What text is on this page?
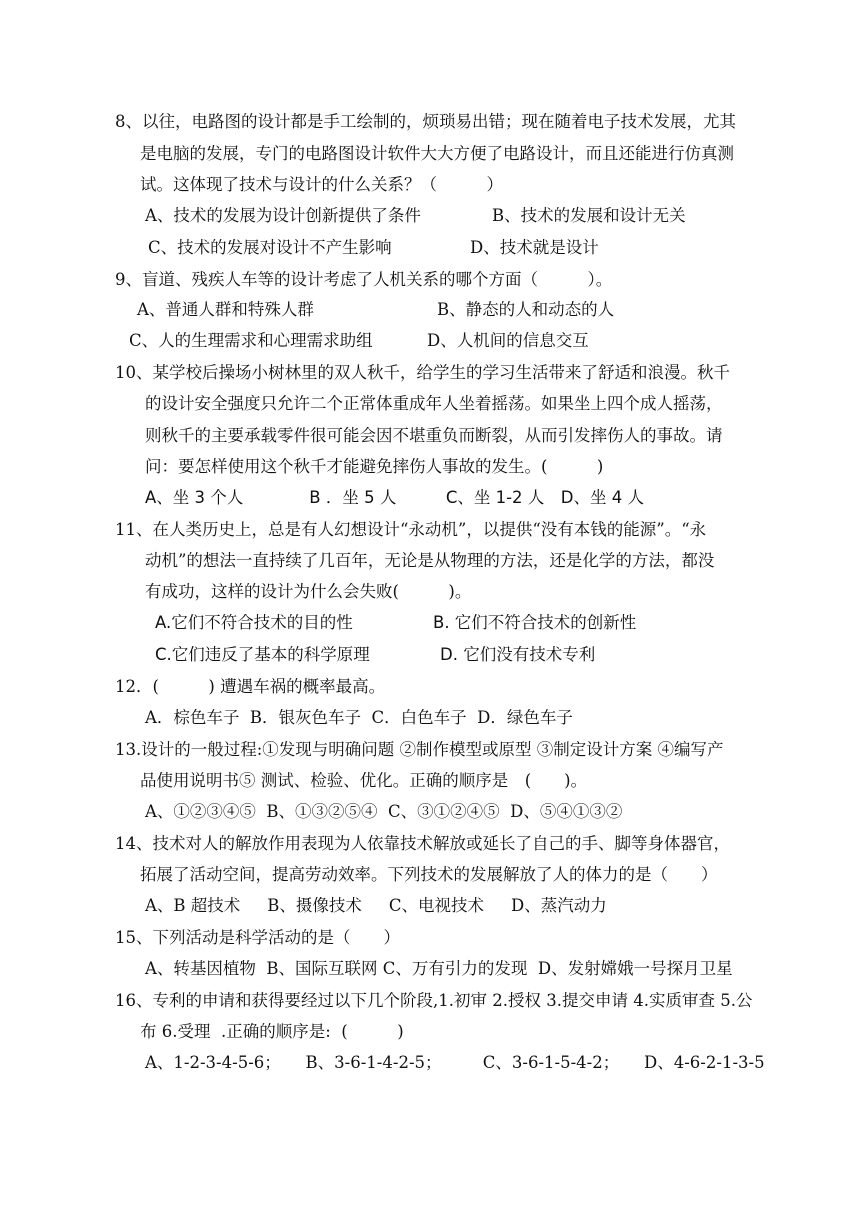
8、以往，电路图的设计都是手工绘制的，烦琐易出错；现在随着电子技术发展，尤其
是电脑的发展，专门的电路图设计软件大大方便了电路设计，而且还能进行仿真测
试。这体现了技术与设计的什么关系？（　　　）
A、技术的发展为设计创新提供了条件	B、技术的发展和设计无关
C、技术的发展对设计不产生影响	D、技术就是设计
9、盲道、残疾人车等的设计考虑了人机关系的哪个方面（　　　）。
A、普通人群和特殊人群	B、静态的人和动态的人
C、人的生理需求和心理需求助组	D、人机间的信息交互
10、某学校后操场小树林里的双人秋千，给学生的学习生活带来了舒适和浪漫。秋千
的设计安全强度只允许二个正常体重成年人坐着摇荡。如果坐上四个成人摇荡，
则秋千的主要承载零件很可能会因不堪重负而断裂，从而引发摔伤人的事故。请
问：要怎样使用这个秋千才能避免摔伤人事故的发生。(　　　)
A、坐 3 个人　　　　B ．坐 5 人　　　C、坐 1-2 人　D、坐 4 人
11、在人类历史上，总是有人幻想设计“永动机”，以提供“没有本钱的能源”。“永
动机”的想法一直持续了几百年，无论是从物理的方法，还是化学的方法，都没
有成功，这样的设计为什么会失败(　　　)。
A.它们不符合技术的目的性	B. 它们不符合技术的创新性
C.它们违反了基本的科学原理	D. 它们没有技术专利
12．(　　　) 遭遇车祸的概率最高。
A．棕色车子  B．银灰色车子  C．白色车子  D．绿色车子
13.设计的一般过程:①发现与明确问题 ②制作模型或原型 ③制定设计方案 ④编写产
品使用说明书⑤ 测试、检验、优化。正确的顺序是　(　　)。
A、①②③④⑤  B、①③②⑤④  C、③①②④⑤  D、⑤④①③②
14、技术对人的解放作用表现为人依靠技术解放或延长了自己的手、脚等身体器官，
拓展了活动空间，提高劳动效率。下列技术的发展解放了人的体力的是（　　）
A、B 超技术　  B、摄像技术　  C、电视技术　  D、蒸汽动力
15、下列活动是科学活动的是（　　）
A、转基因植物  B、国际互联网 C、万有引力的发现  D、发射嫦娥一号探月卫星
16、专利的申请和获得要经过以下几个阶段,1.初审 2.授权 3.提交申请 4.实质审查 5.公
布 6.受理  .正确的顺序是:  (　　　)
A、1-2-3-4-5-6；　　B、3-6-1-4-2-5；　　　C、3-6-1-5-4-2；　　D、4-6-2-1-3-5
